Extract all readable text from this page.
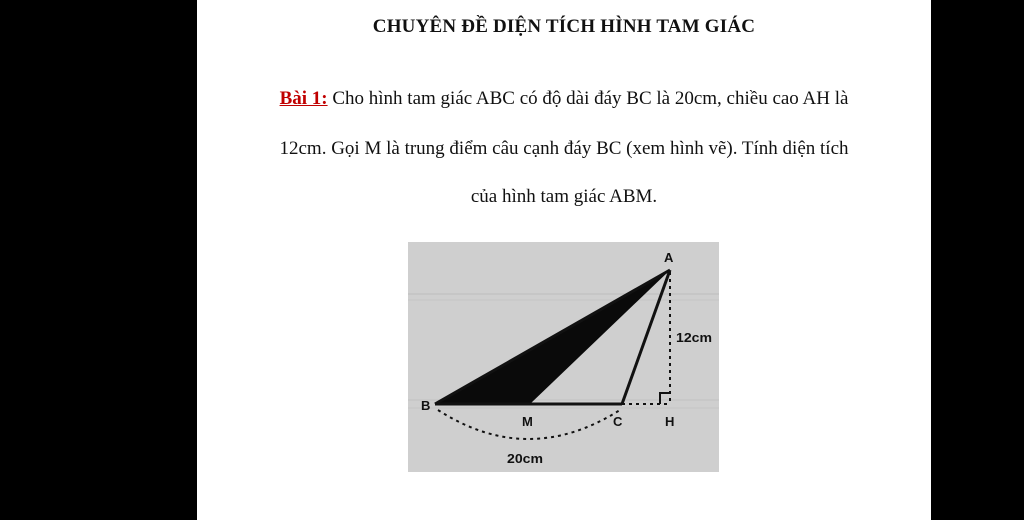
CHUYÊN ĐỀ DIỆN TÍCH HÌNH TAM GIÁC
Bài 1: Cho hình tam giác ABC có độ dài đáy BC là 20cm, chiều cao AH là
12cm. Gọi M là trung điểm câu cạnh đáy BC (xem hình vẽ). Tính diện tích
của hình tam giác ABM.
A
B
M	C	H
12cm
20cm
